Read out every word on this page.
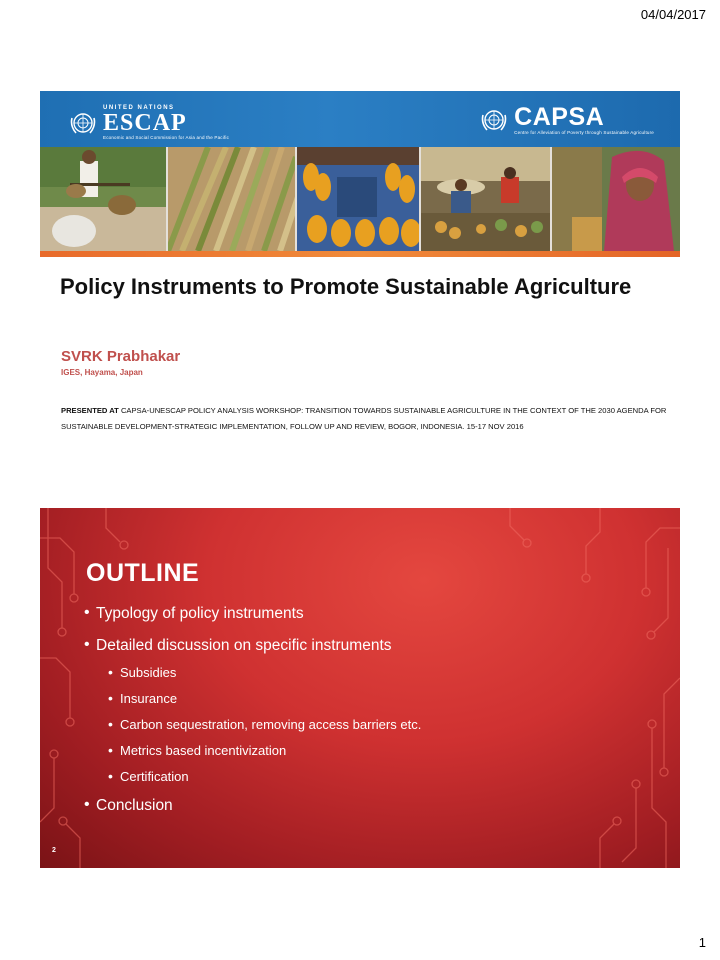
04/04/2017
UNITED NATIONS
ESCAP
Economic and Social Commission for Asia and the Pacific
CAPSA
Centre for Alleviation of Poverty through Sustainable Agriculture
Policy Instruments to Promote Sustainable Agriculture
SVRK Prabhakar
IGES, Hayama, Japan
PRESENTED AT CAPSA-UNESCAP POLICY ANALYSIS WORKSHOP: TRANSITION TOWARDS SUSTAINABLE AGRICULTURE IN THE CONTEXT OF THE 2030 AGENDA FOR SUSTAINABLE DEVELOPMENT-STRATEGIC IMPLEMENTATION, FOLLOW UP AND REVIEW, BOGOR, INDONESIA. 15-17 NOV 2016
OUTLINE
• Typology of policy instruments
• Detailed discussion on specific instruments
• Subsidies
• Insurance
• Carbon sequestration, removing access barriers etc.
• Metrics based incentivization
• Certification
• Conclusion
2
1
